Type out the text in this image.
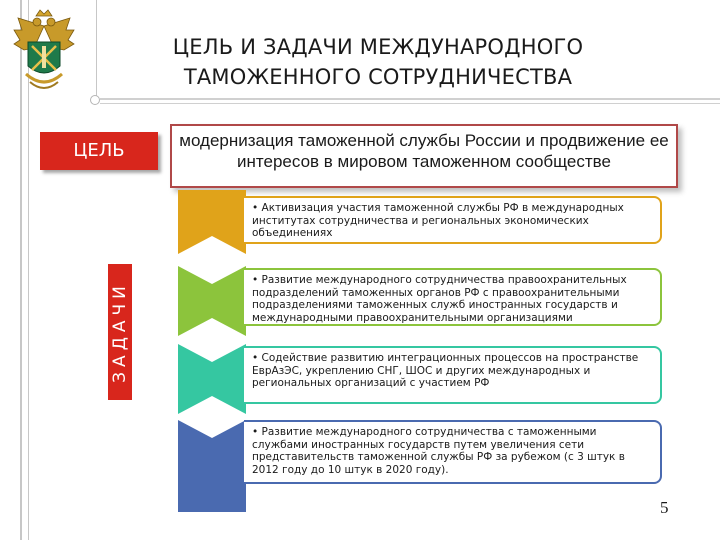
ЦЕЛЬ И ЗАДАЧИ МЕЖДУНАРОДНОГО ТАМОЖЕННОГО СОТРУДНИЧЕСТВА
ЦЕЛЬ	модернизация таможенной службы России и продвижение ее интересов в мировом таможенном сообществе
ЗАДАЧИ
• Активизация участия таможенной службы РФ в международных институтах сотрудничества и региональных экономических объединениях
• Развитие международного сотрудничества правоохранительных подразделений таможенных органов РФ с правоохранительными подразделениями таможенных служб иностранных государств и международными правоохранительными организациями
• Содействие развитию интеграционных процессов на пространстве ЕврАзЭС, укреплению СНГ, ШОС и других международных и региональных организаций с участием РФ
• Развитие международного сотрудничества с таможенными службами иностранных государств путем увеличения сети представительств таможенной службы РФ за рубежом (с 3 штук в 2012 году до 10 штук в 2020 году).
5
